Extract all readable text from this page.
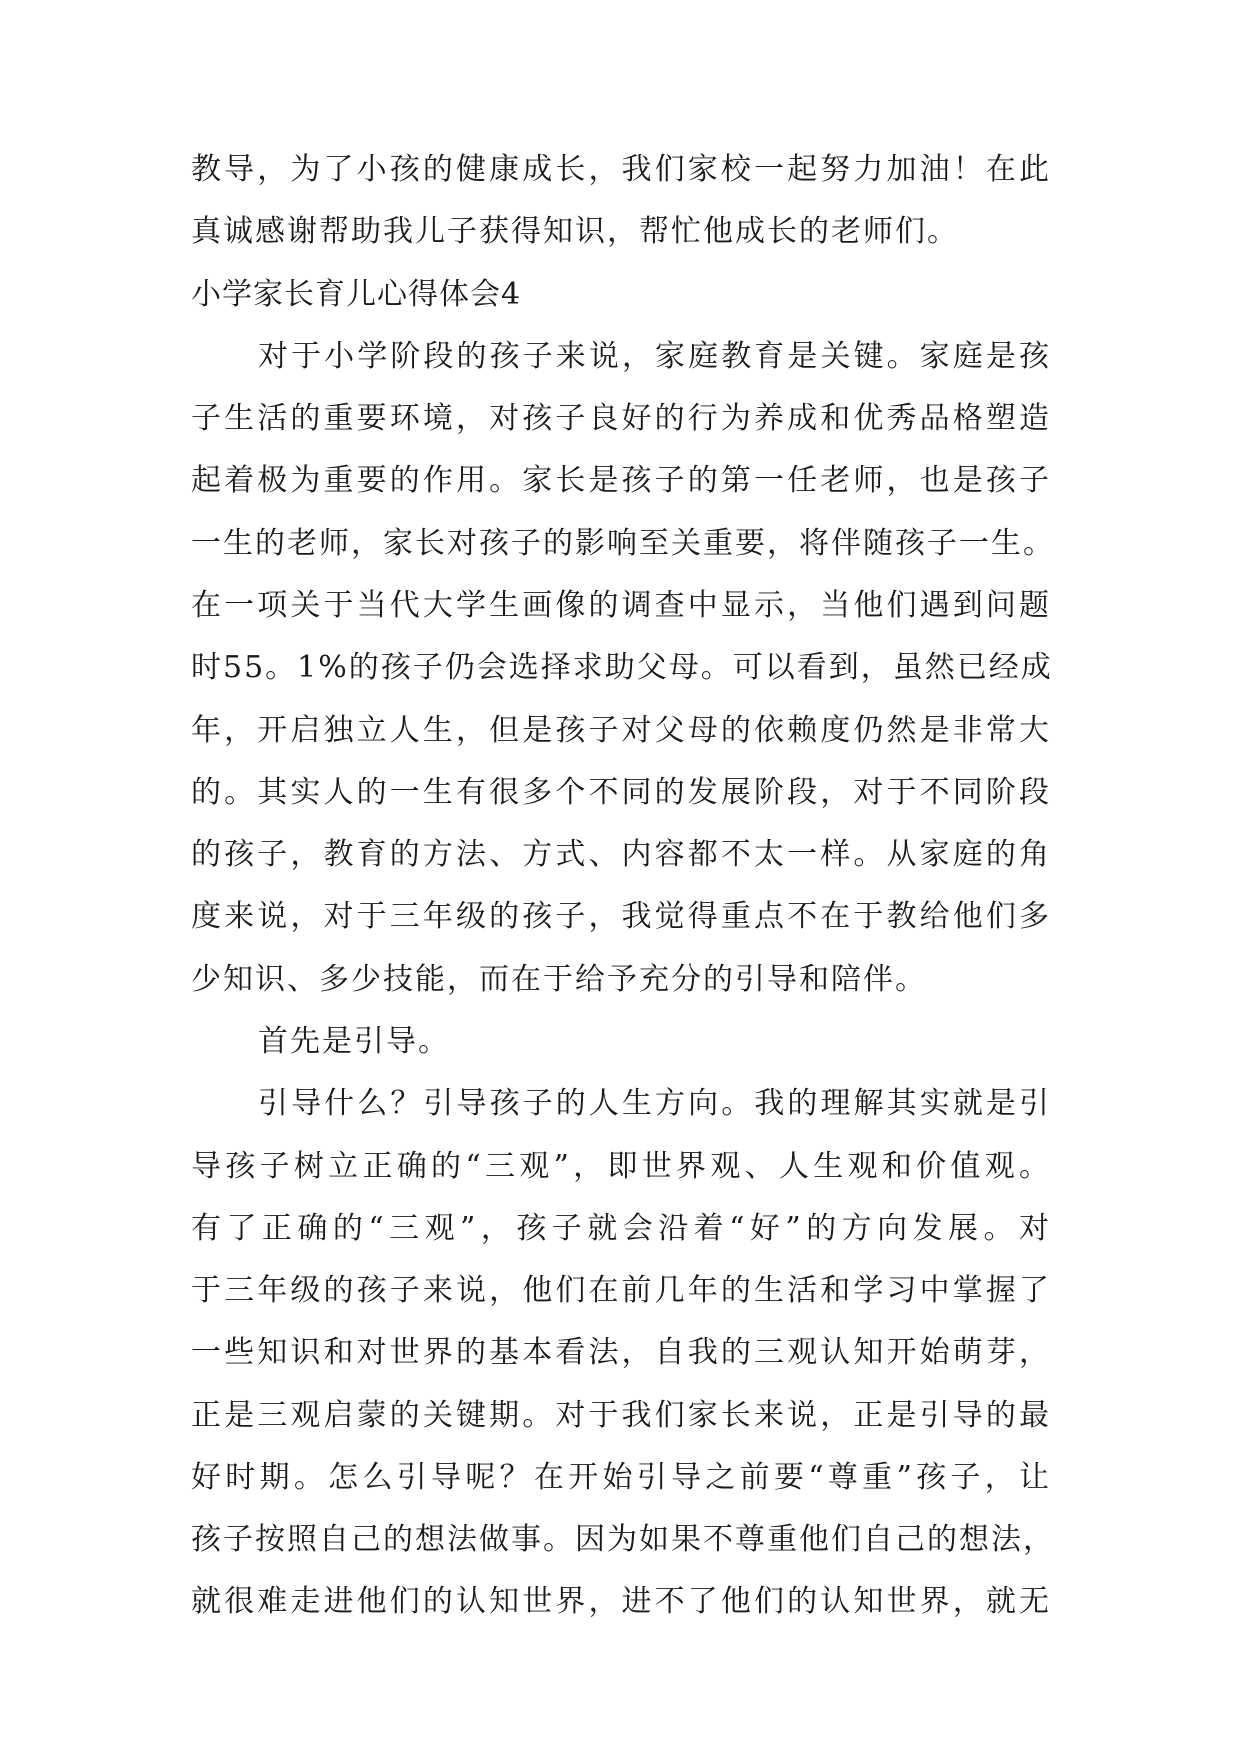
教导，为了小孩的健康成长，我们家校一起努力加油！在此
真诚感谢帮助我儿子获得知识，帮忙他成长的老师们。
小学家长育儿心得体会4
对于小学阶段的孩子来说，家庭教育是关键。家庭是孩
子生活的重要环境，对孩子良好的行为养成和优秀品格塑造
起着极为重要的作用。家长是孩子的第一任老师，也是孩子
一生的老师，家长对孩子的影响至关重要，将伴随孩子一生。
在一项关于当代大学生画像的调查中显示，当他们遇到问题
时55。1%的孩子仍会选择求助父母。可以看到，虽然已经成
年，开启独立人生，但是孩子对父母的依赖度仍然是非常大
的。其实人的一生有很多个不同的发展阶段，对于不同阶段
的孩子，教育的方法、方式、内容都不太一样。从家庭的角
度来说，对于三年级的孩子，我觉得重点不在于教给他们多
少知识、多少技能，而在于给予充分的引导和陪伴。
首先是引导。
引导什么？引导孩子的人生方向。我的理解其实就是引
导孩子树立正确的“三观”，即世界观、人生观和价值观。
有了正确的“三观”，孩子就会沿着“好”的方向发展。对
于三年级的孩子来说，他们在前几年的生活和学习中掌握了
一些知识和对世界的基本看法，自我的三观认知开始萌芽，
正是三观启蒙的关键期。对于我们家长来说，正是引导的最
好时期。怎么引导呢？在开始引导之前要“尊重”孩子，让
孩子按照自己的想法做事。因为如果不尊重他们自己的想法，
就很难走进他们的认知世界，进不了他们的认知世界，就无
